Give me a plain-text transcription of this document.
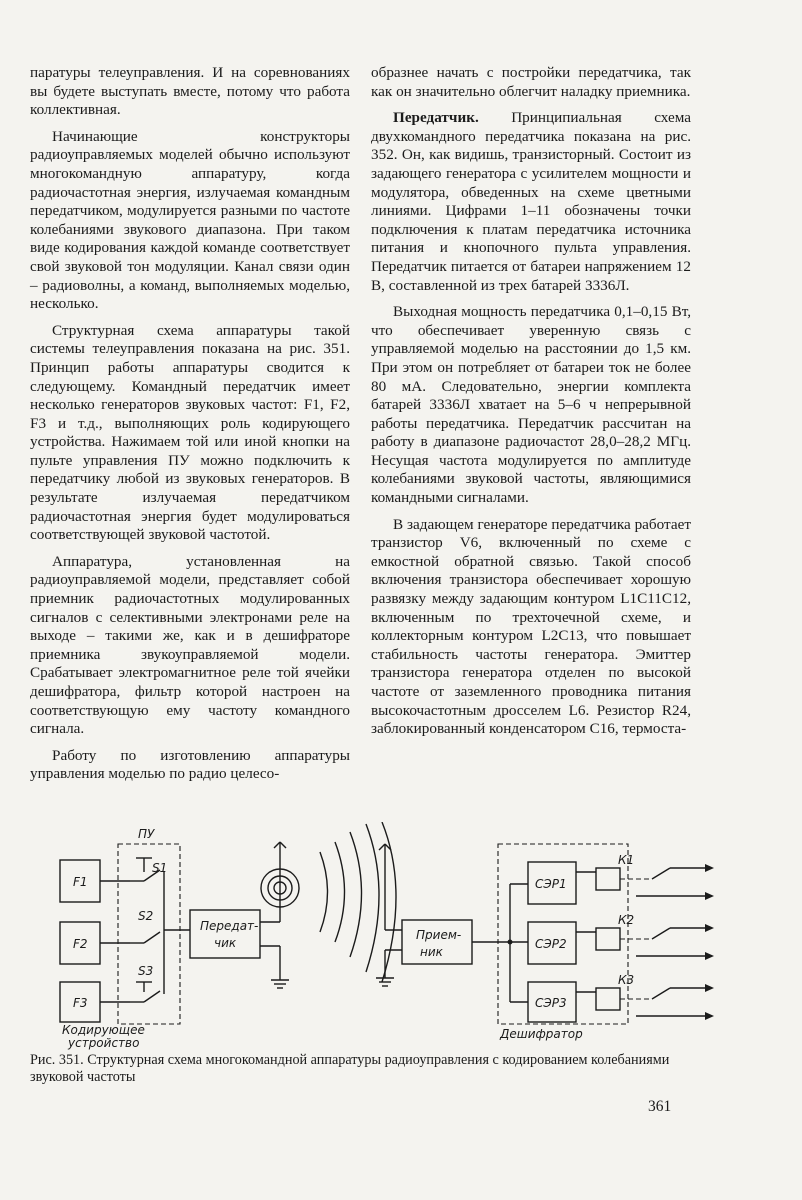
паратуры телеуправления. И на соревнованиях вы будете выступать вместе, потому что работа коллективная.

Начинающие конструкторы радиоуправляемых моделей обычно используют многокомандную аппаратуру, когда радиочастотная энергия, излучаемая командным передатчиком, модулируется разными по частоте колебаниями звукового диапазона. При таком виде кодирования каждой команде соответствует свой звуковой тон модуляции. Канал связи один – радиоволны, а команд, выполняемых моделью, несколько.

Структурная схема аппаратуры такой системы телеуправления показана на рис. 351. Принцип работы аппаратуры сводится к следующему. Командный передатчик имеет несколько генераторов звуковых частот: F1, F2, F3 и т.д., выполняющих роль кодирующего устройства. Нажимаем той или иной кнопки на пульте управления ПУ можно подключить к передатчику любой из звуковых генераторов. В результате излучаемая передатчиком радиочастотная энергия будет модулироваться соответствующей звуковой частотой.

Аппаратура, установленная на радиоуправляемой модели, представляет собой приемник радиочастотных модулированных сигналов с селективными электронами реле на выходе – такими же, как и в дешифраторе приемника звукоуправляемой модели. Срабатывает электромагнитное реле той ячейки дешифратора, фильтр которой настроен на соответствующую ему частоту командного сигнала.

Работу по изготовлению аппаратуры управления моделью по радио целесо-

образнее начать с постройки передатчика, так как он значительно облегчит наладку приемника.

Передатчик. Принципиальная схема двухкомандного передатчика показана на рис. 352. Он, как видишь, транзисторный. Состоит из задающего генератора с усилителем мощности и модулятора, обведенных на схеме цветными линиями. Цифрами 1–11 обозначены точки подключения к платам передатчика источника питания и кнопочного пульта управления. Передатчик питается от батареи напряжением 12 В, составленной из трех батарей 3336Л.

Выходная мощность передатчика 0,1–0,15 Вт, что обеспечивает уверенную связь с управляемой моделью на расстоянии до 1,5 км. При этом он потребляет от батареи ток не более 80 мА. Следовательно, энергии комплекта батарей 3336Л хватает на 5–6 ч непрерывной работы передатчика. Передатчик рассчитан на работу в диапазоне радиочастот 28,0–28,2 МГц. Несущая частота модулируется по амплитуде колебаниями звуковой частоты, являющимися командными сигналами.

В задающем генераторе передатчика работает транзистор V6, включенный по схеме с емкостной обратной связью. Такой способ включения транзистора обеспечивает хорошую развязку между задающим контуром L1C11C12, включенным по трехточечной схеме, и коллекторным контуром L2C13, что повышает стабильность частоты генератора. Эмиттер транзистора генератора отделен по высокой частоте от заземленного проводника питания высокочастотным дросселем L6. Резистор R24, заблокированный конденсатором C16, термоста-

ПУ
F1
F2
F3
S1
S2
S3
Передат-
чик
Прием-
ник
СЭР1
СЭР2
СЭР3
К1
К2
К3
Кодирующее
устройство
Дешифратор
Рис. 351. Структурная схема многокомандной аппаратуры радиоуправления с кодированием колебаниями звуковой частоты
361
